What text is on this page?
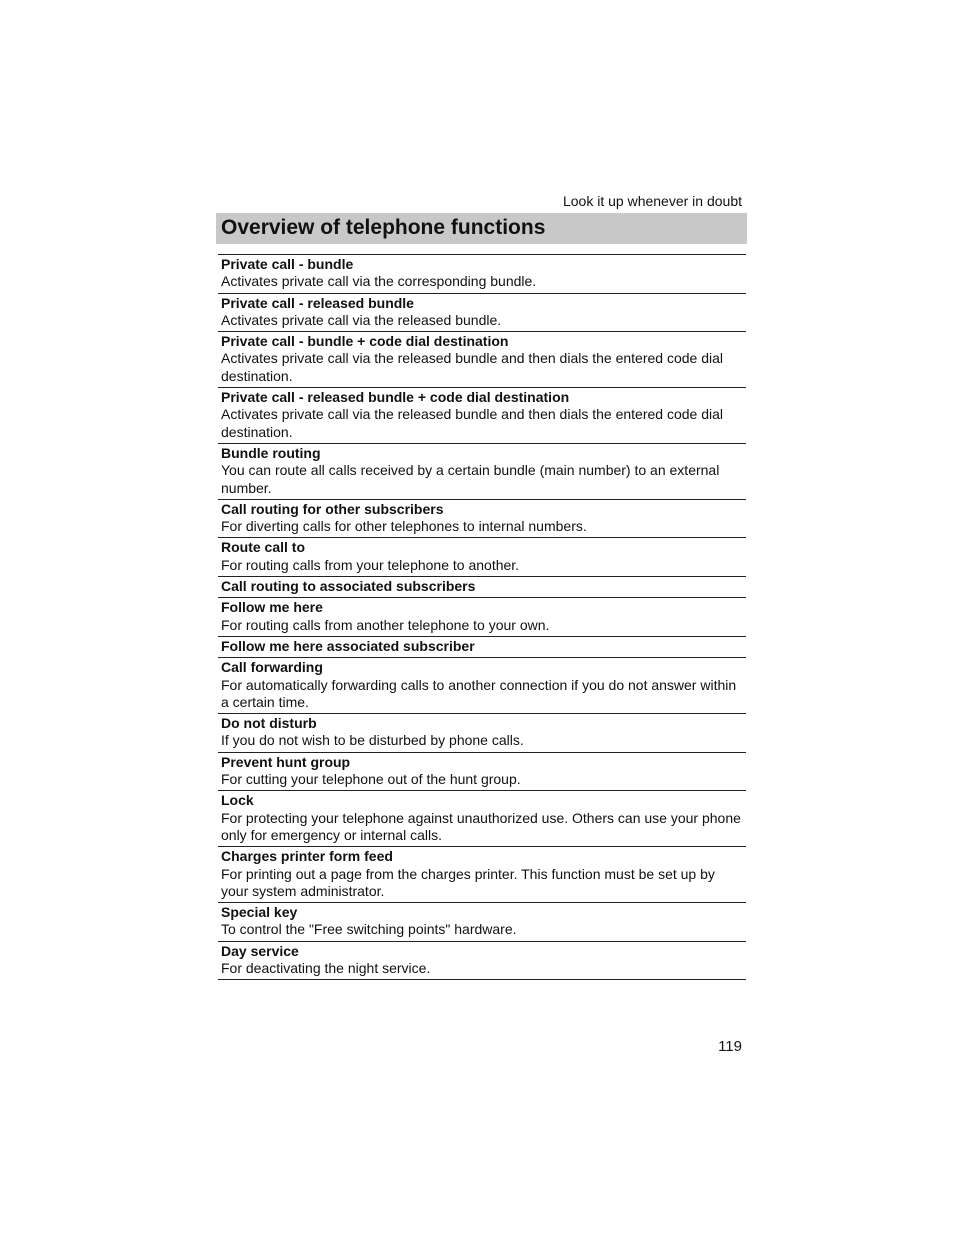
Look it up whenever in doubt
Overview of telephone functions
Private call - bundle
Activates private call via the corresponding bundle.
Private call - released bundle
Activates private call via the released bundle.
Private call - bundle + code dial destination
Activates private call via the released bundle and then dials the entered code dial destination.
Private call - released bundle + code dial destination
Activates private call via the released bundle and then dials the entered code dial destination.
Bundle routing
You can route all calls received by a certain bundle (main number) to an external number.
Call routing for other subscribers
For diverting calls for other telephones to internal numbers.
Route call to
For routing calls from your telephone to another.
Call routing to associated subscribers
Follow me here
For routing calls from another telephone to your own.
Follow me here associated subscriber
Call forwarding
For automatically forwarding calls to another connection if you do not answer within a certain time.
Do not disturb
If you do not wish to be disturbed by phone calls.
Prevent hunt group
For cutting your telephone out of the hunt group.
Lock
For protecting your telephone against unauthorized use. Others can use your phone only for emergency or internal calls.
Charges printer form feed
For printing out a page from the charges printer. This function must be set up by your system administrator.
Special key
To control the "Free switching points" hardware.
Day service
For deactivating the night service.
119
